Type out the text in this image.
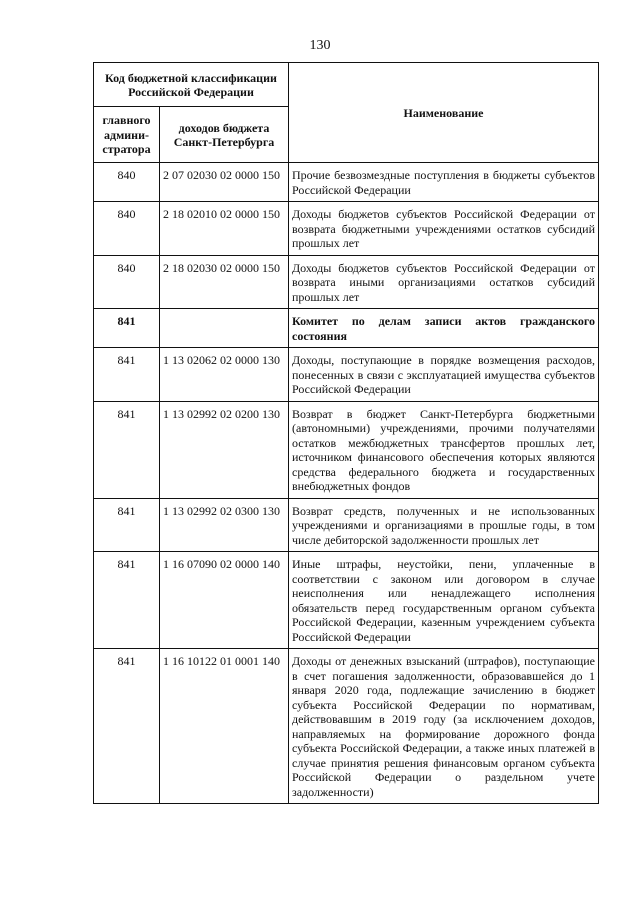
130
Код бюджетной классификации Российской Федерации		Наименование
главного админи-стратора	доходов бюджета Санкт-Петербурга	
840	2 07 02030 02 0000 150	Прочие безвозмездные поступления в бюджеты субъектов Российской Федерации
840	2 18 02010 02 0000 150	Доходы бюджетов субъектов Российской Федерации от возврата бюджетными учреждениями остатков субсидий прошлых лет
840	2 18 02030 02 0000 150	Доходы бюджетов субъектов Российской Федерации от возврата иными организациями остатков субсидий прошлых лет
841		Комитет по делам записи актов гражданского состояния
841	1 13 02062 02 0000 130	Доходы, поступающие в порядке возмещения расходов, понесенных в связи с эксплуатацией имущества субъектов Российской Федерации
841	1 13 02992 02 0200 130	Возврат в бюджет Санкт-Петербурга бюджетными (автономными) учреждениями, прочими получателями остатков межбюджетных трансфертов прошлых лет, источником финансового обеспечения которых являются средства федерального бюджета и государственных внебюджетных фондов
841	1 13 02992 02 0300 130	Возврат средств, полученных и не использованных учреждениями и организациями в прошлые годы, в том числе дебиторской задолженности прошлых лет
841	1 16 07090 02 0000 140	Иные штрафы, неустойки, пени, уплаченные в соответствии с законом или договором в случае неисполнения или ненадлежащего исполнения обязательств перед государственным органом субъекта Российской Федерации, казенным учреждением субъекта Российской Федерации
841	1 16 10122 01 0001 140	Доходы от денежных взысканий (штрафов), поступающие в счет погашения задолженности, образовавшейся до 1 января 2020 года, подлежащие зачислению в бюджет субъекта Российской Федерации по нормативам, действовавшим в 2019 году (за исключением доходов, направляемых на формирование дорожного фонда субъекта Российской Федерации, а также иных платежей в случае принятия решения финансовым органом субъекта Российской Федерации о раздельном учете задолженности)
